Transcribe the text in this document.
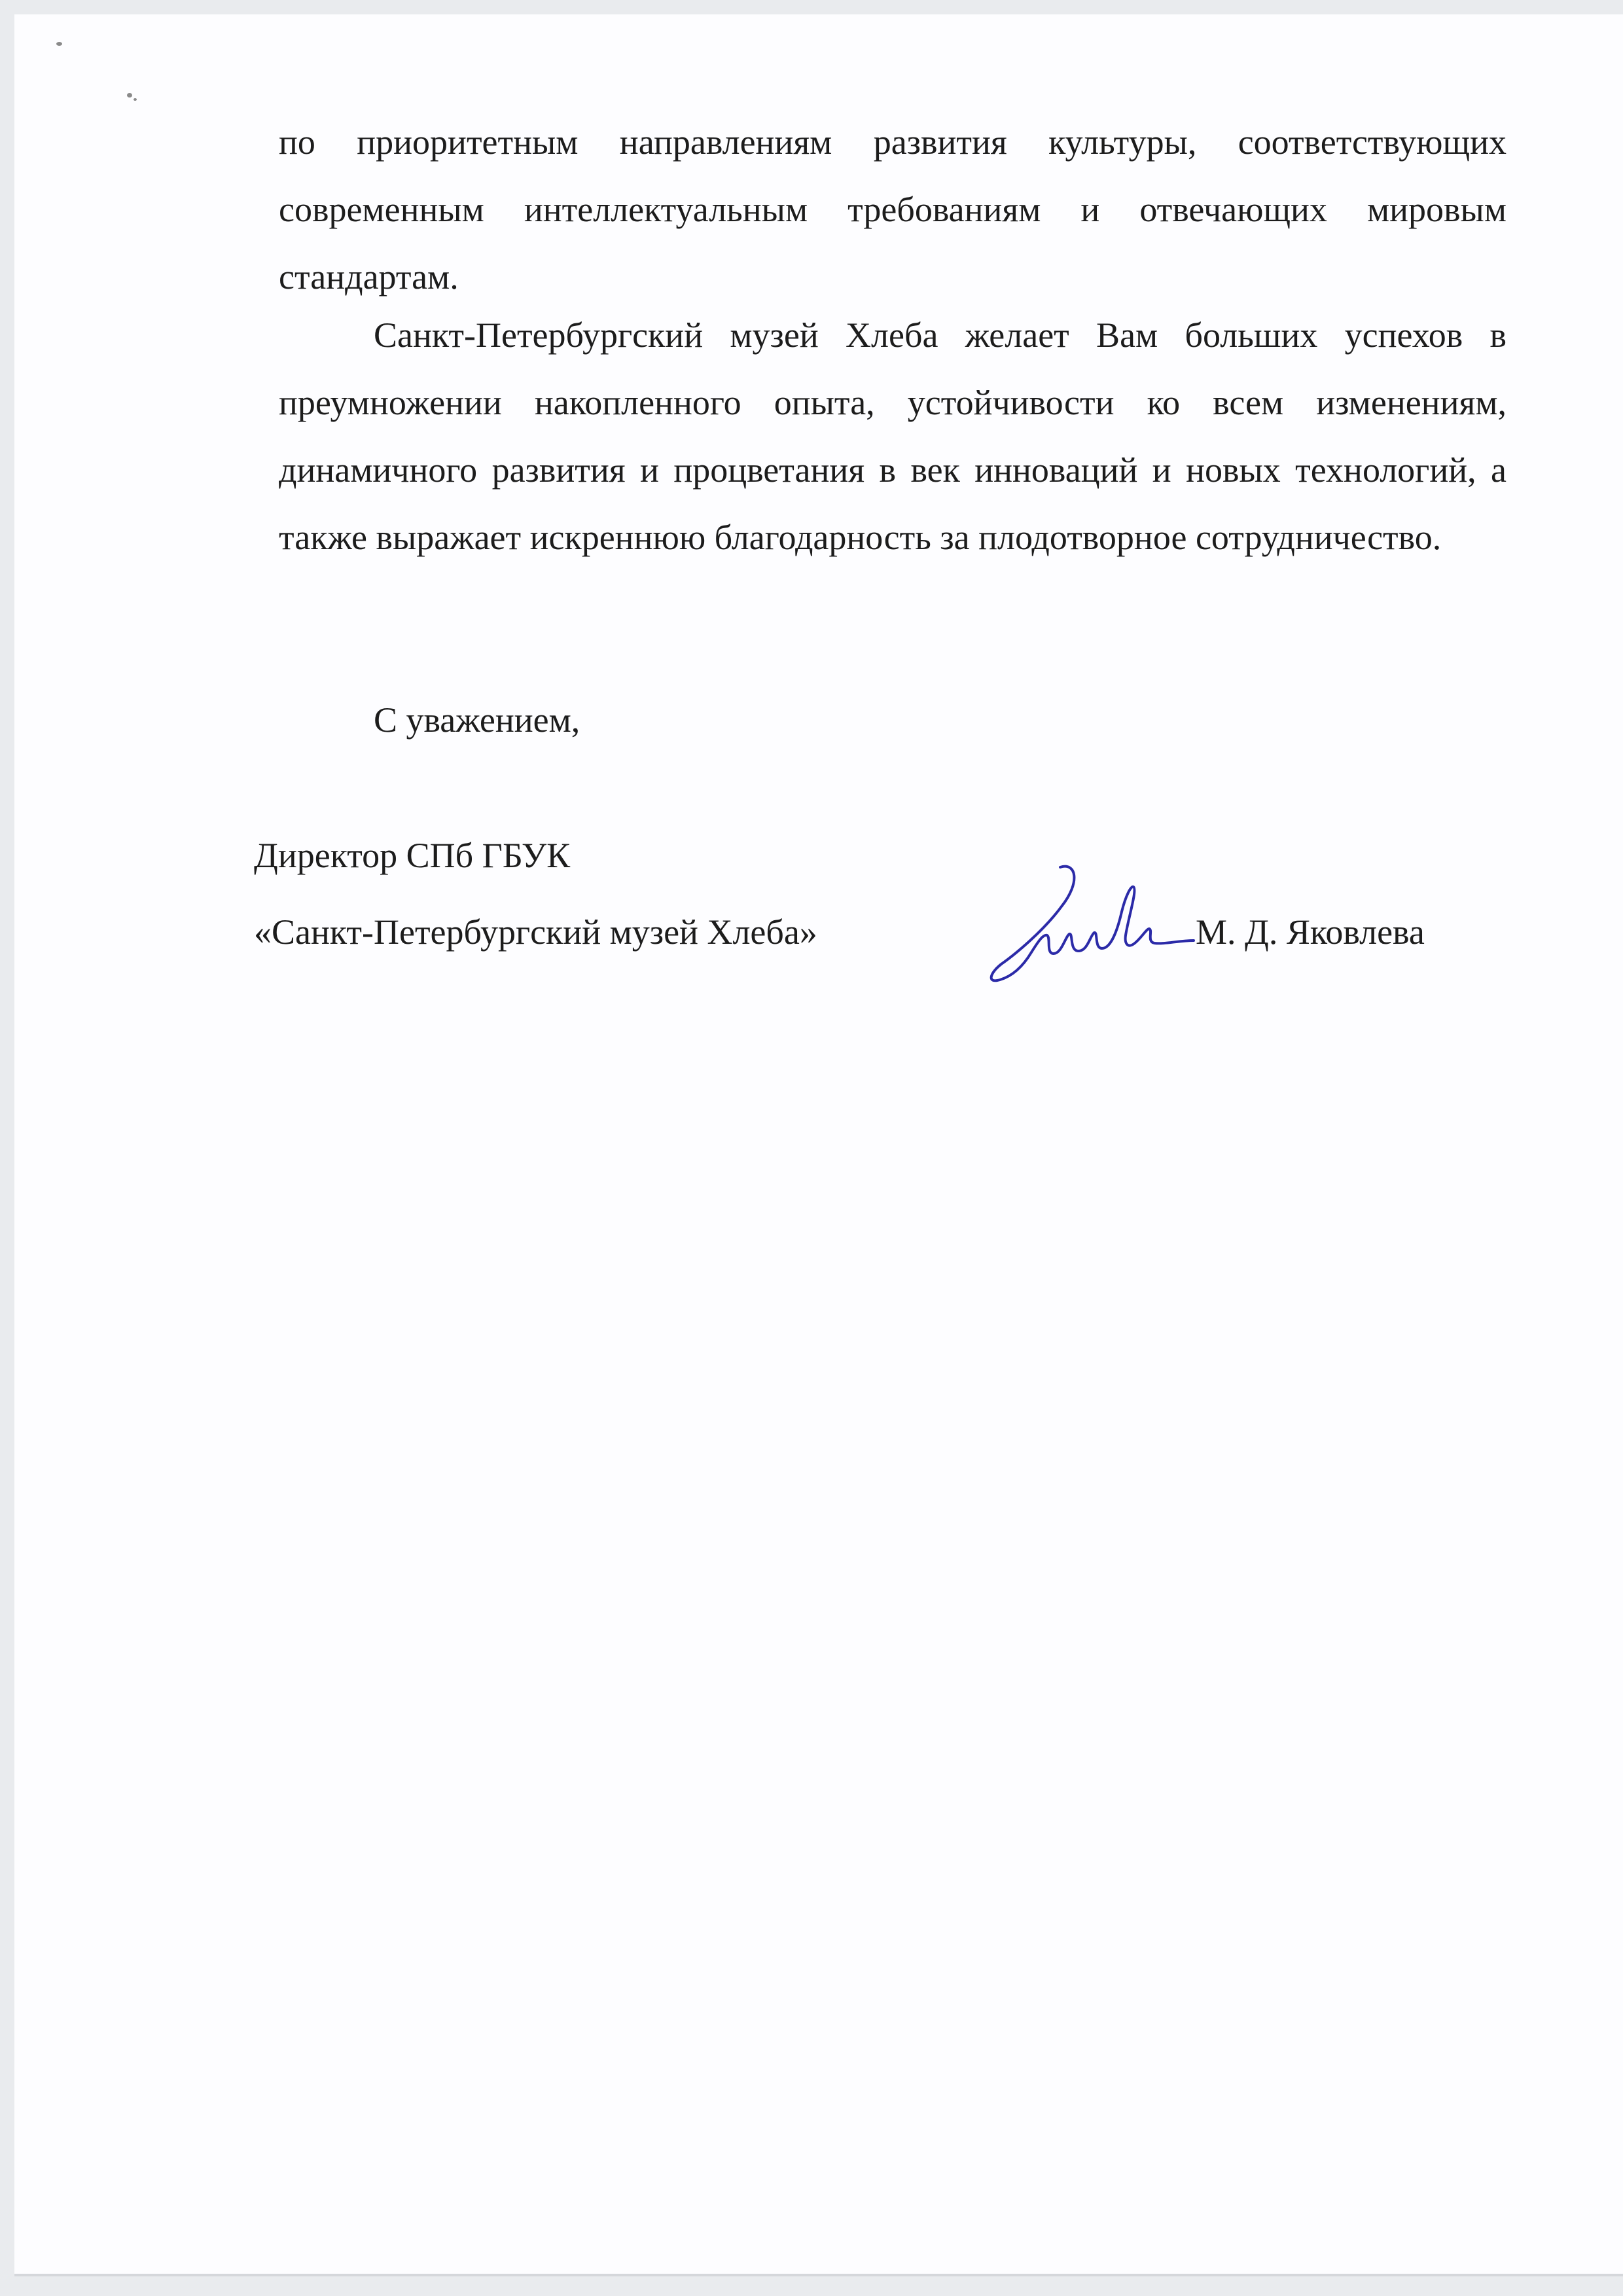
по приоритетным направлениям развития культуры, соответствующих современным интеллектуальным требованиям и отвечающих мировым стандартам.

Санкт-Петербургский музей Хлеба желает Вам больших успехов в преумножении накопленного опыта, устойчивости ко всем изменениям, динамичного развития и процветания в век инноваций и новых технологий, а также выражает искреннюю благодарность за плодотворное сотрудничество.

С уважением,

Директор СПб ГБУК

«Санкт-Петербургский музей Хлеба»	М. Д. Яковлева
